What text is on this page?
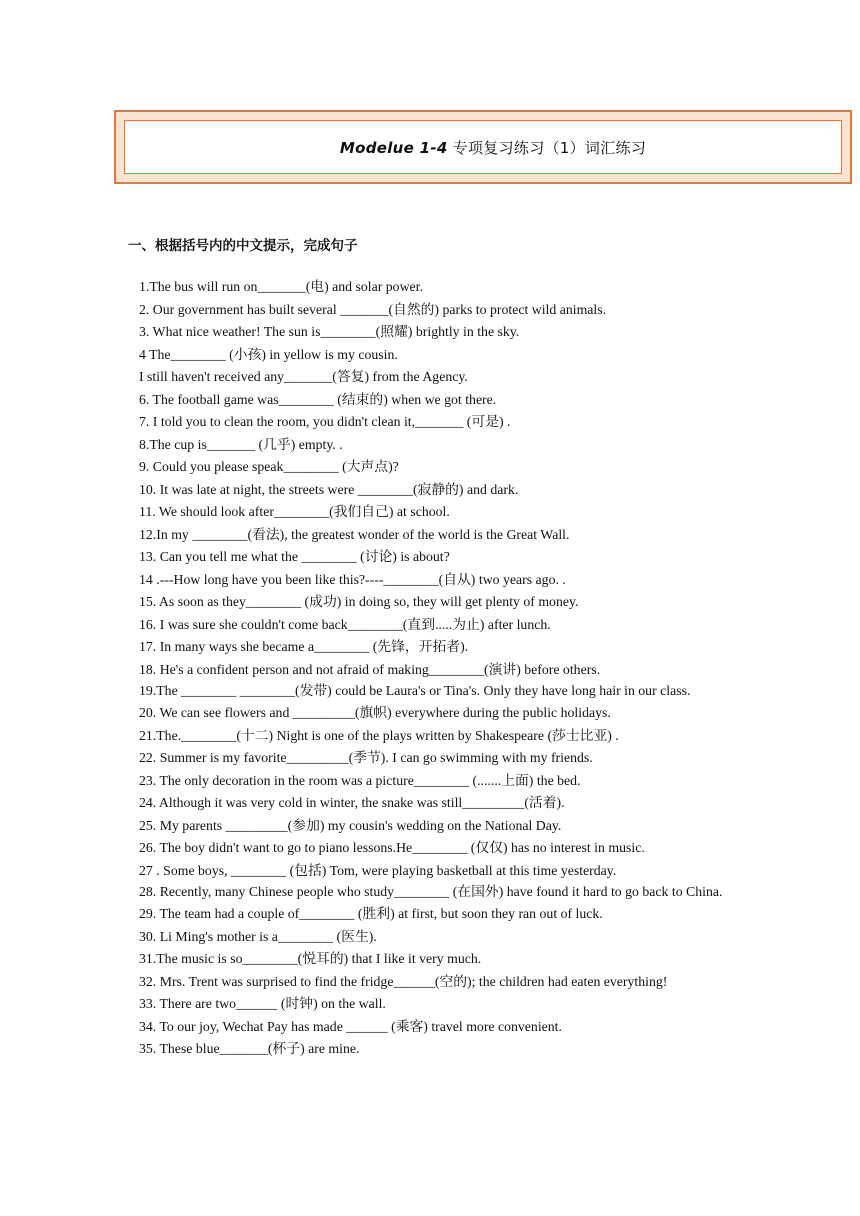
Modelue 1-4 专项复习练习（1）词汇练习
一、根据括号内的中文提示，完成句子
1.The bus will run on_______(电) and solar power.
2. Our government has built several _______(自然的) parks to protect wild animals.
3. What nice weather! The sun is________(照耀) brightly in the sky.
4 The________ (小孩) in yellow is my cousin.
I still haven't received any_______(答复) from the Agency.
6. The football game was________ (结束的) when we got there.
7. I told you to clean the room, you didn't clean it,_______ (可是) .
8.The cup is_______ (几乎) empty. .
9. Could you please speak________ (大声点)?
10. It was late at night, the streets were ________(寂静的) and dark.
11. We should look after________(我们自己) at school.
12.In my ________(看法), the greatest wonder of the world is the Great Wall.
13. Can you tell me what the ________ (讨论) is about?
14 .---How long have you been like this?----________(自从) two years ago. .
15. As soon as they________ (成功) in doing so, they will get plenty of money.
16. I was sure she couldn't come back________(直到.....为止) after lunch.
17. In many ways she became a________ (先锋，开拓者).
18. He's a confident person and not afraid of making________(演讲) before others.
19.The ________ ________(发带) could be Laura's or Tina's. Only they have long hair in our class.
20. We can see flowers and _________(旗帜) everywhere during the public holidays.
21.The.________(十二) Night is one of the plays written by Shakespeare (莎士比亚) .
22. Summer is my favorite_________(季节). I can go swimming with my friends.
23. The only decoration in the room was a picture________ (.......上面) the bed.
24. Although it was very cold in winter, the snake was still_________(活着).
25. My parents _________(参加) my cousin's wedding on the National Day.
26. The boy didn't want to go to piano lessons.He________ (仅仅) has no interest in music.
27 . Some boys, ________ (包括) Tom, were playing basketball at this time yesterday.
28. Recently, many Chinese people who study________ (在国外) have found it hard to go back to China.
29. The team had a couple of________ (胜利) at first, but soon they ran out of luck.
30. Li Ming's mother is a________ (医生).
31.The music is so________(悦耳的) that I like it very much.
32. Mrs. Trent was surprised to find the fridge______(空的); the children had eaten everything!
33. There are two______ (时钟) on the wall.
34. To our joy, Wechat Pay has made ______ (乘客) travel more convenient.
35. These blue_______(杯子) are mine.
